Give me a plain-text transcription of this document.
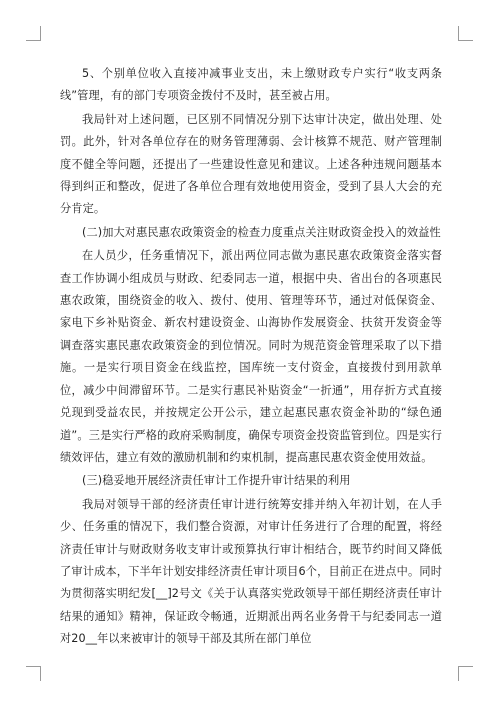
5、个别单位收入直接冲减事业支出，未上缴财政专户实行“收支两条线”管理，有的部门专项资金拨付不及时，甚至被占用。

我局针对上述问题，已区别不同情况分别下达审计决定，做出处理、处罚。此外，针对各单位存在的财务管理薄弱、会计核算不规范、财产管理制度不健全等问题，还提出了一些建设性意见和建议。上述各种违规问题基本得到纠正和整改，促进了各单位合理有效地使用资金，受到了县人大会的充分肯定。

(二)加大对惠民惠农政策资金的检查力度重点关注财政资金投入的效益性

在人员少，任务重情况下，派出两位同志做为惠民惠农政策资金落实督查工作协调小组成员与财政、纪委同志一道，根据中央、省出台的各项惠民惠农政策，围绕资金的收入、拨付、使用、管理等环节，通过对低保资金、家电下乡补贴资金、新农村建设资金、山海协作发展资金、扶贫开发资金等调查落实惠民惠农政策资金的到位情况。同时为规范资金管理采取了以下措施。一是实行项目资金在线监控，国库统一支付资金，直接拨付到用款单位，减少中间滞留环节。二是实行惠民补贴资金“一折通”，用存折方式直接兑现到受益农民，并按规定公开公示，建立起惠民惠农资金补助的“绿色通道”。三是实行严格的政府采购制度，确保专项资金投资监管到位。四是实行绩效评估，建立有效的激励机制和约束机制，提高惠民惠农资金使用效益。

(三)稳妥地开展经济责任审计工作提升审计结果的利用

我局对领导干部的经济责任审计进行统筹安排并纳入年初计划，在人手少、任务重的情况下，我们整合资源，对审计任务进行了合理的配置，将经济责任审计与财政财务收支审计或预算执行审计相结合，既节约时间又降低了审计成本，下半年计划安排经济责任审计项目6个，目前正在进点中。同时为贯彻落实明纪发[__]2号文《关于认真落实党政领导干部任期经济责任审计结果的通知》精神，保证政令畅通，近期派出两名业务骨干与纪委同志一道对20__年以来被审计的领导干部及其所在部门单位
